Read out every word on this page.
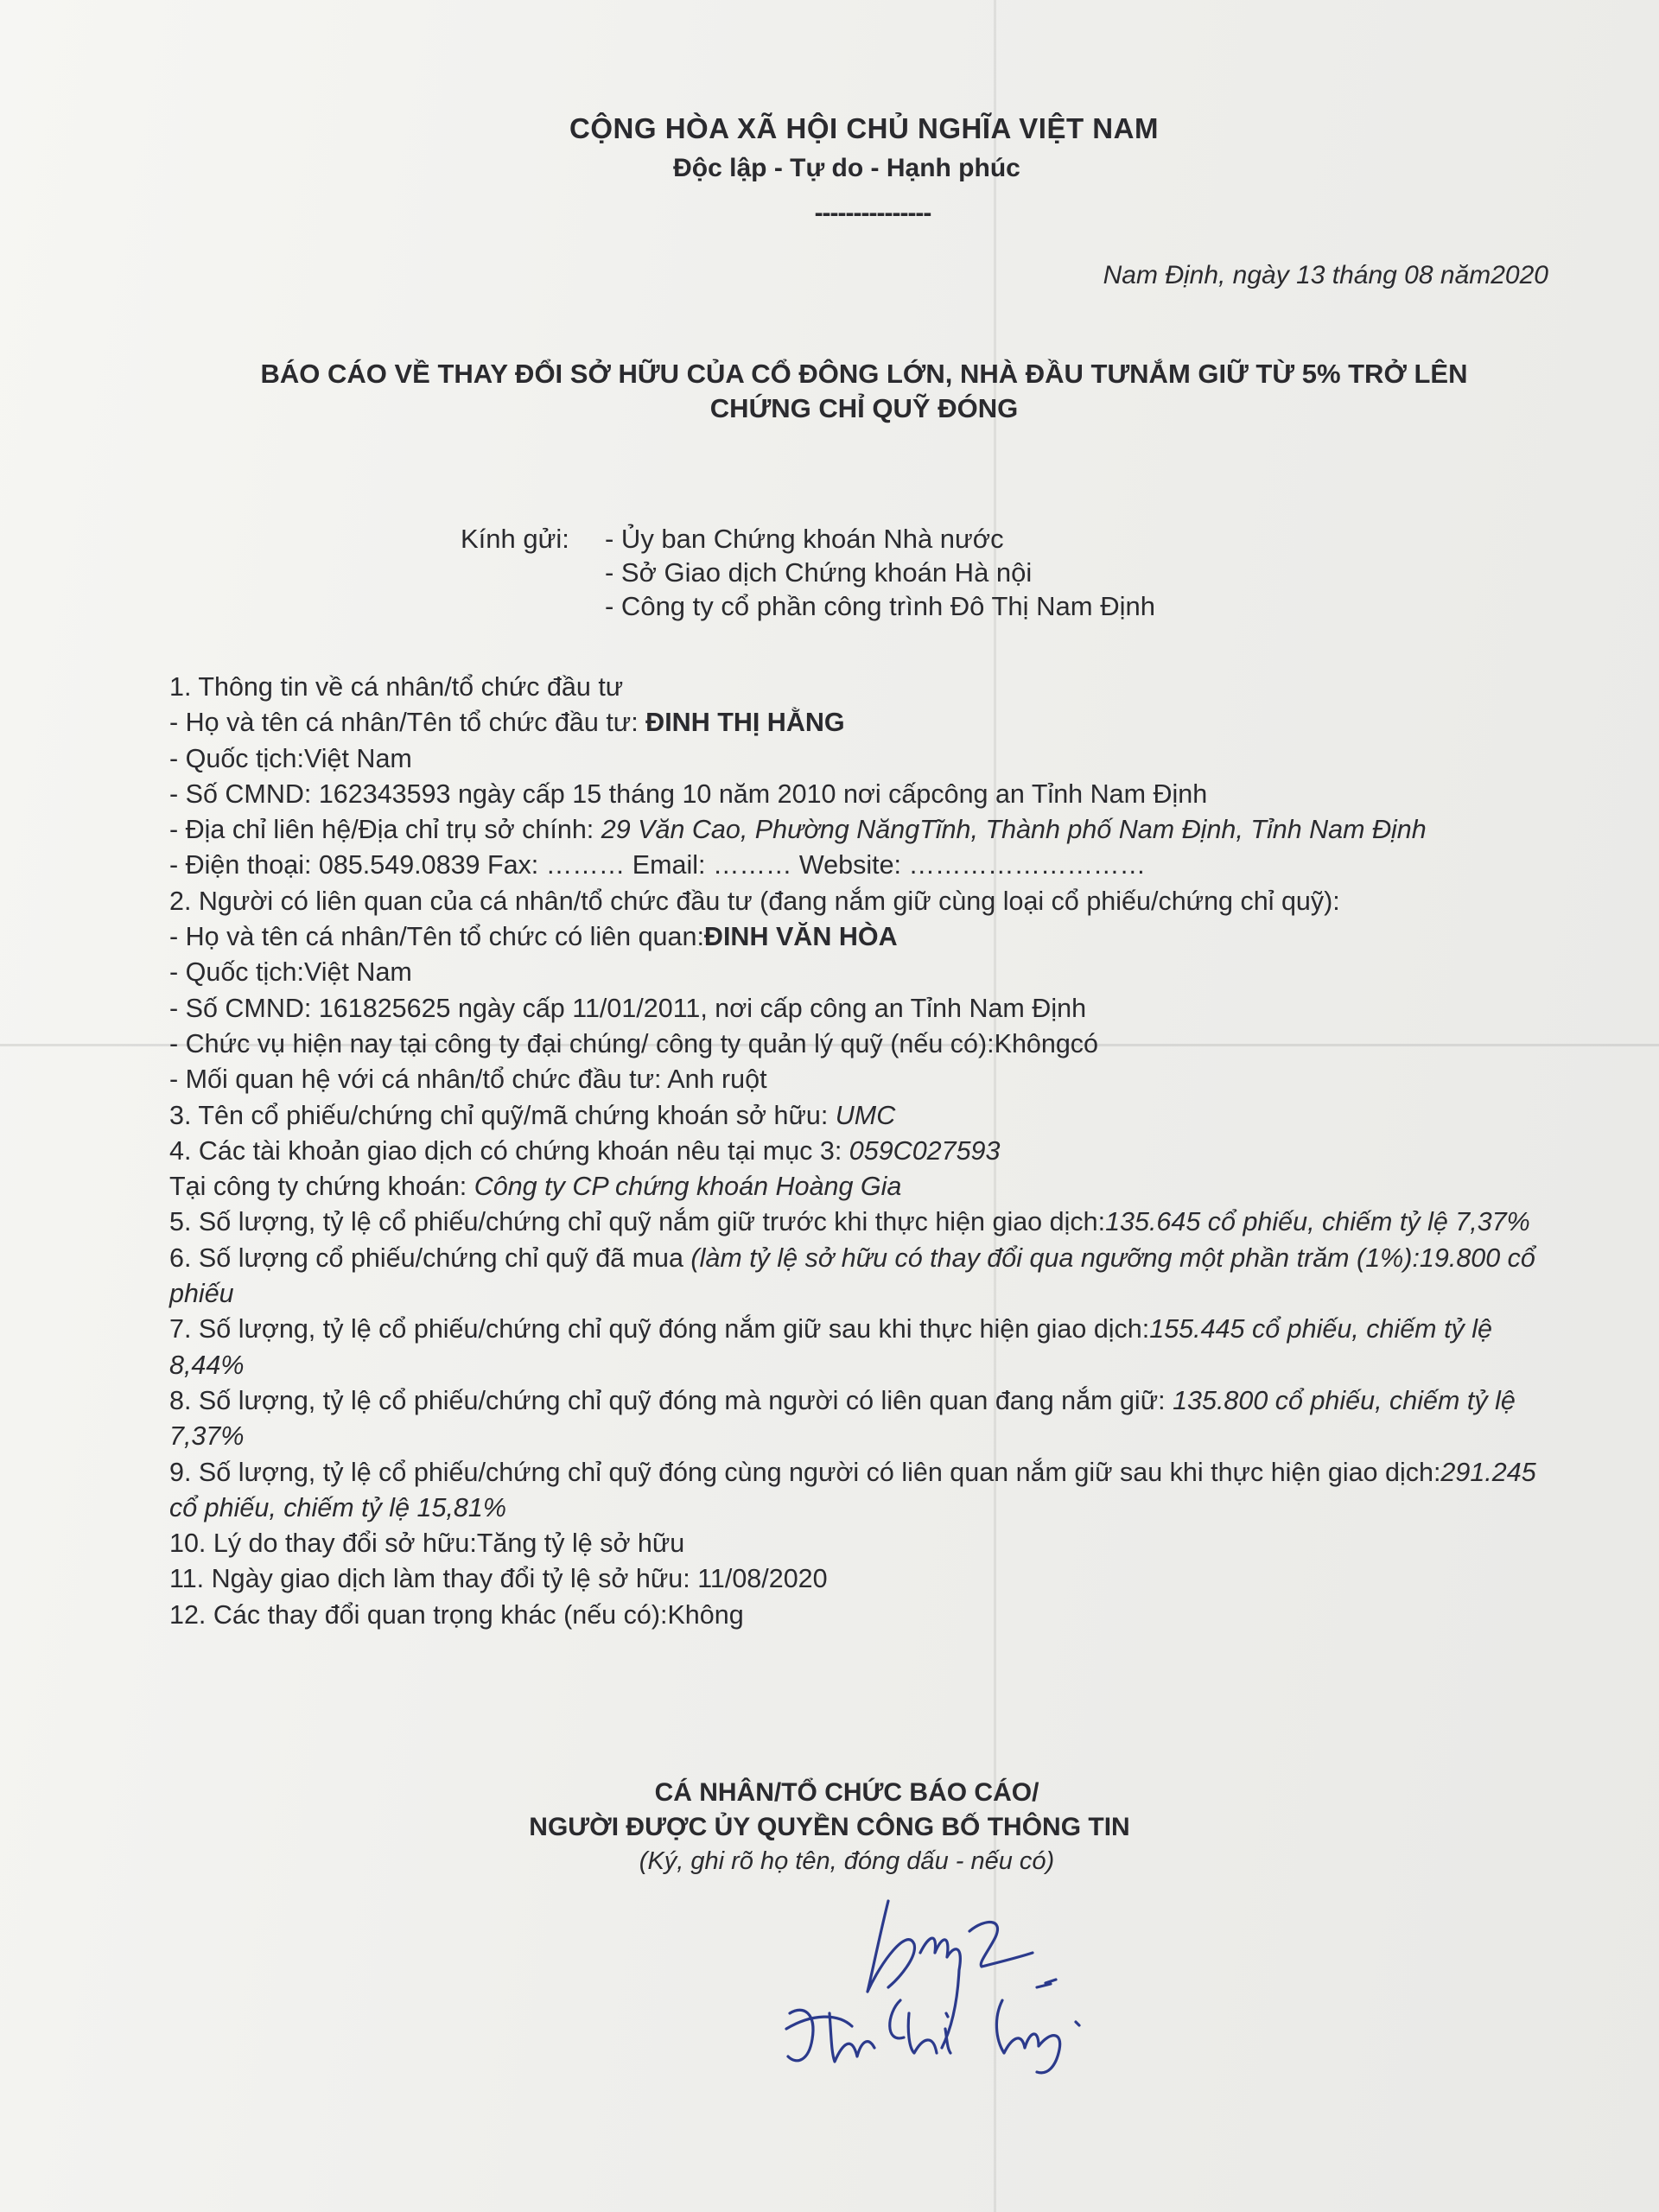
CỘNG HÒA XÃ HỘI CHỦ NGHĨA VIỆT NAM
Độc lập - Tự do - Hạnh phúc
---------------
Nam Định, ngày 13 tháng 08 năm2020
BÁO CÁO VỀ THAY ĐỔI SỞ HỮU CỦA CỔ ĐÔNG LỚN, NHÀ ĐẦU TƯNẮM GIỮ TỪ 5% TRỞ LÊN
CHỨNG CHỈ QUỸ ĐÓNG
Kính gửi: - Ủy ban Chứng khoán Nhà nước
- Sở Giao dịch Chứng khoán Hà nội
- Công ty cổ phần công trình Đô Thị Nam Định
1. Thông tin về cá nhân/tổ chức đầu tư
- Họ và tên cá nhân/Tên tổ chức đầu tư: ĐINH THỊ HẰNG
- Quốc tịch:Việt Nam
- Số CMND: 162343593 ngày cấp 15 tháng 10 năm 2010 nơi cấpcông an Tỉnh Nam Định
- Địa chỉ liên hệ/Địa chỉ trụ sở chính: 29 Văn Cao, Phường NăngTĩnh, Thành phố Nam Định, Tỉnh Nam Định
- Điện thoại: 085.549.0839 Fax: ……… Email: ……… Website: ………………………
2. Người có liên quan của cá nhân/tổ chức đầu tư (đang nắm giữ cùng loại cổ phiếu/chứng chỉ quỹ):
- Họ và tên cá nhân/Tên tổ chức có liên quan:ĐINH VĂN HÒA
- Quốc tịch:Việt Nam
- Số CMND: 161825625 ngày cấp 11/01/2011, nơi cấp công an Tỉnh Nam Định
- Chức vụ hiện nay tại công ty đại chúng/ công ty quản lý quỹ (nếu có):Khôngcó
- Mối quan hệ với cá nhân/tổ chức đầu tư: Anh ruột
3. Tên cổ phiếu/chứng chỉ quỹ/mã chứng khoán sở hữu: UMC
4. Các tài khoản giao dịch có chứng khoán nêu tại mục 3: 059C027593
Tại công ty chứng khoán: Công ty CP chứng khoán Hoàng Gia
5. Số lượng, tỷ lệ cổ phiếu/chứng chỉ quỹ nắm giữ trước khi thực hiện giao dịch:135.645 cổ phiếu, chiếm tỷ lệ 7,37%
6. Số lượng cổ phiếu/chứng chỉ quỹ đã mua (làm tỷ lệ sở hữu có thay đổi qua ngưỡng một phần trăm (1%):19.800 cổ phiếu
7. Số lượng, tỷ lệ cổ phiếu/chứng chỉ quỹ đóng nắm giữ sau khi thực hiện giao dịch:155.445 cổ phiếu, chiếm tỷ lệ 8,44%
8. Số lượng, tỷ lệ cổ phiếu/chứng chỉ quỹ đóng mà người có liên quan đang nắm giữ: 135.800 cổ phiếu, chiếm tỷ lệ 7,37%
9. Số lượng, tỷ lệ cổ phiếu/chứng chỉ quỹ đóng cùng người có liên quan nắm giữ sau khi thực hiện giao dịch:291.245 cổ phiếu, chiếm tỷ lệ 15,81%
10. Lý do thay đổi sở hữu:Tăng tỷ lệ sở hữu
11. Ngày giao dịch làm thay đổi tỷ lệ sở hữu: 11/08/2020
12. Các thay đổi quan trọng khác (nếu có):Không
CÁ NHÂN/TỔ CHỨC BÁO CÁO/
NGƯỜI ĐƯỢC ỦY QUYỀN CÔNG BỐ THÔNG TIN
(Ký, ghi rõ họ tên, đóng dấu - nếu có)
Đinh Thị Hằng
